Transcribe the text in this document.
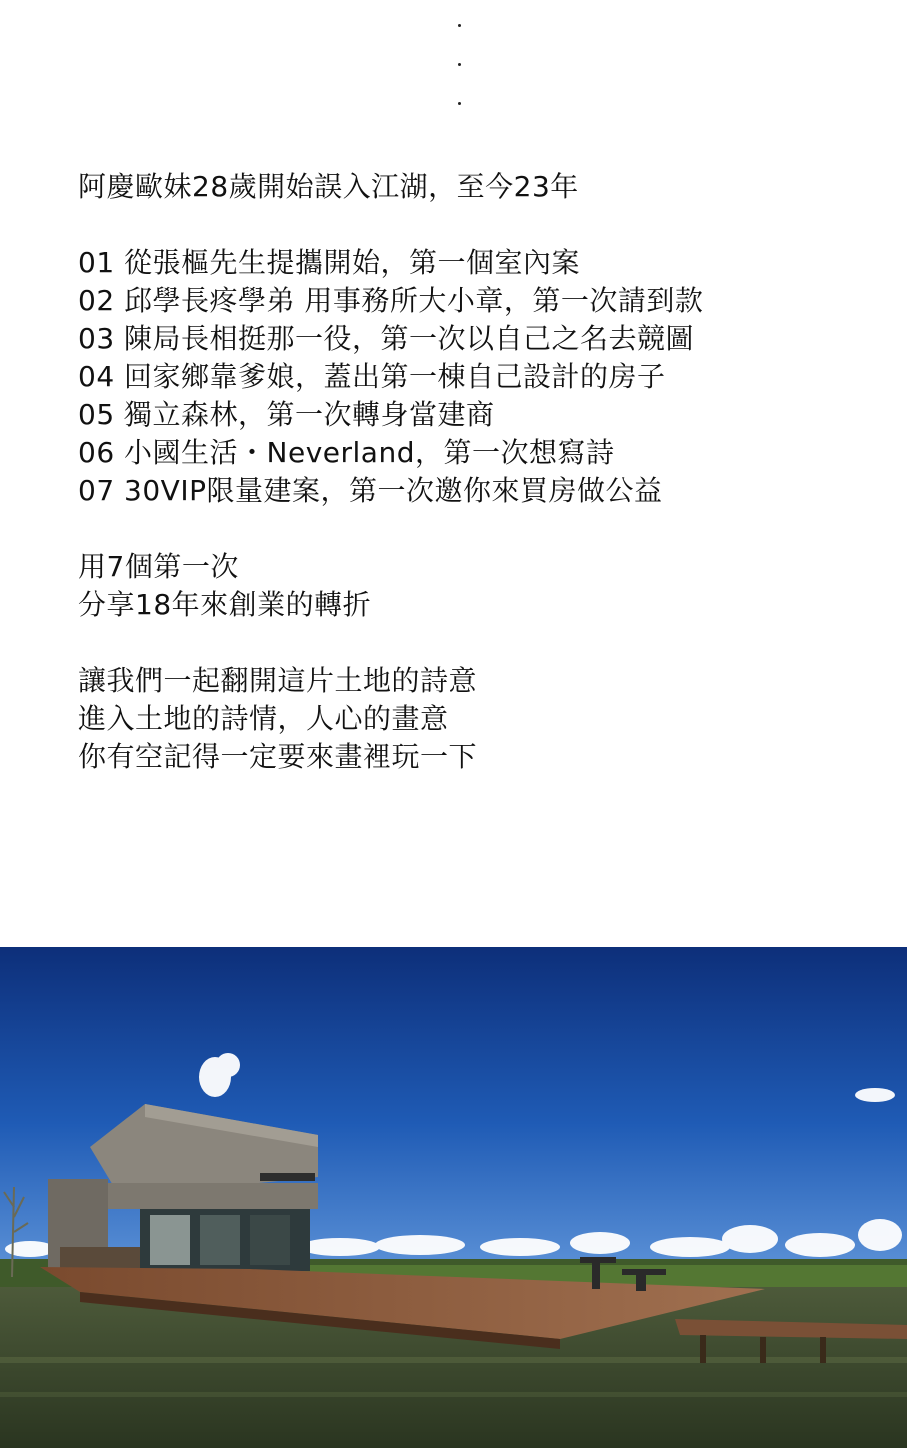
阿慶歐妹28歲開始誤入江湖，至今23年
01 從張樞先生提攜開始，第一個室內案
02 邱學長疼學弟 用事務所大小章，第一次請到款
03 陳局長相挺那一役，第一次以自己之名去競圖
04 回家鄉靠爹娘，蓋出第一棟自己設計的房子
05 獨立森林，第一次轉身當建商
06 小國生活・Neverland，第一次想寫詩
07 30VIP限量建案，第一次邀你來買房做公益
用7個第一次
分享18年來創業的轉折
讓我們一起翻開這片土地的詩意
進入土地的詩情，人心的畫意
你有空記得一定要來畫裡玩一下
